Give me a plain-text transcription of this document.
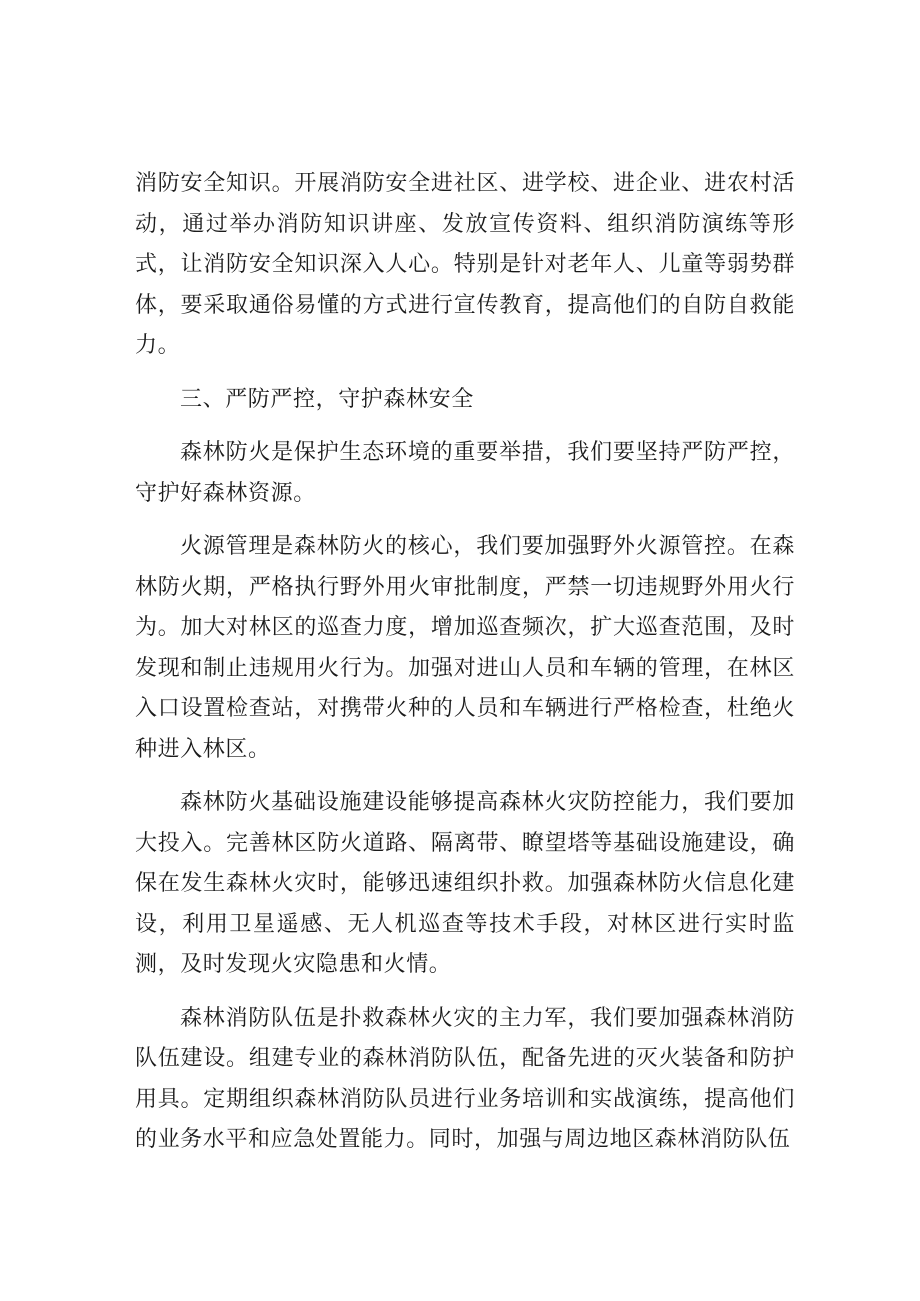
消防安全知识。开展消防安全进社区、进学校、进企业、进农村活动，通过举办消防知识讲座、发放宣传资料、组织消防演练等形式，让消防安全知识深入人心。特别是针对老年人、儿童等弱势群体，要采取通俗易懂的方式进行宣传教育，提高他们的自防自救能力。

三、严防严控，守护森林安全

森林防火是保护生态环境的重要举措，我们要坚持严防严控，守护好森林资源。

火源管理是森林防火的核心，我们要加强野外火源管控。在森林防火期，严格执行野外用火审批制度，严禁一切违规野外用火行为。加大对林区的巡查力度，增加巡查频次，扩大巡查范围，及时发现和制止违规用火行为。加强对进山人员和车辆的管理，在林区入口设置检查站，对携带火种的人员和车辆进行严格检查，杜绝火种进入林区。

森林防火基础设施建设能够提高森林火灾防控能力，我们要加大投入。完善林区防火道路、隔离带、瞭望塔等基础设施建设，确保在发生森林火灾时，能够迅速组织扑救。加强森林防火信息化建设，利用卫星遥感、无人机巡查等技术手段，对林区进行实时监测，及时发现火灾隐患和火情。

森林消防队伍是扑救森林火灾的主力军，我们要加强森林消防队伍建设。组建专业的森林消防队伍，配备先进的灭火装备和防护用具。定期组织森林消防队员进行业务培训和实战演练，提高他们的业务水平和应急处置能力。同时，加强与周边地区森林消防队伍
